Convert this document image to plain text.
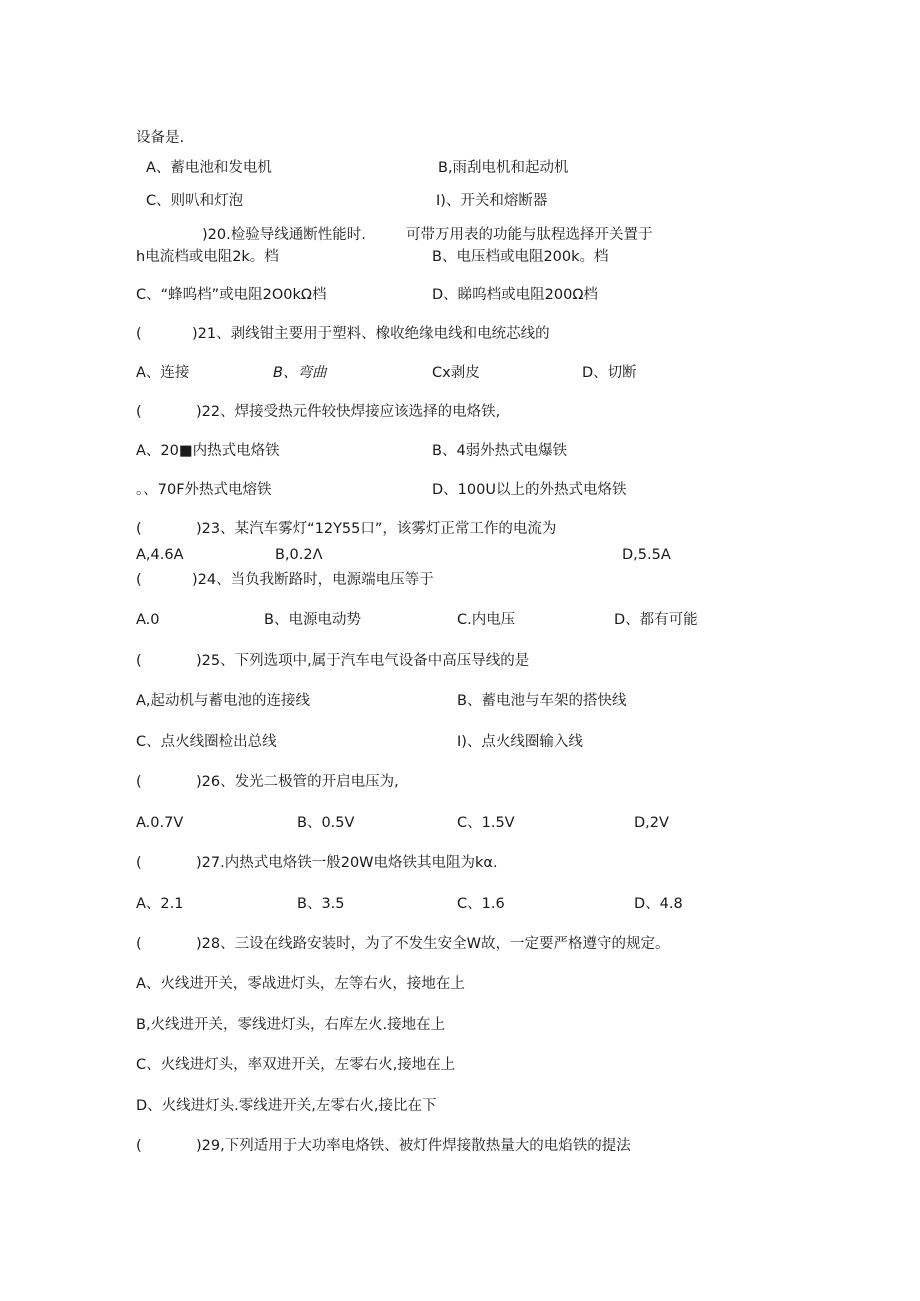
设备是.
A、蓄电池和发电机	B,雨刮电机和起动机
C、则叭和灯泡	I)、开关和熔断器
)20.检验导线通断性能时.	可带万用表的功能与肽程选择开关置于
h电流档或电阻2k。档	B、电压档或电阻200k。档
C、“蜂呜档”或电阻2O0kΩ档	D、睇呜档或电阻200Ω档
(	)21、剥线钳主要用于塑料、橡收绝缘电线和电统芯线的
A、连接	B、弯曲	Cx剥皮	D、切断
(	)22、焊接受热元件较快焊接应该选择的电烙铁,
A、20■内热式电烙铁	B、4弱外热式电爆铁
。、70F外热式电熔铁	D、100U以上的外热式电烙铁
(	)23、某汽车雾灯“12Y55口”，该雾灯正常工作的电流为
A,4.6A	B,0.2Λ	D,5.5A
(	)24、当负我断路时，电源端电压等于
A.0	B、电源电动势	C.内电压	D、都有可能
(	)25、下列选项中,属于汽车电气设备中高压导线的是
A,起动机与蓄电池的连接线	B、蓄电池与车架的搭快线
C、点火线圈检出总线	I)、点火线圈输入线
(	)26、发光二极管的开启电压为,
A.0.7V	B、0.5V	C、1.5V	D,2V
(	)27.内热式电烙铁一般20W电烙铁其电阻为kα.
A、2.1	B、3.5	C、1.6	D、4.8
(	)28、三设在线路安装时，为了不发生安全W故，一定要严格遵守的规定。
A、火线进开关，零战进灯头，左等右火，接地在上
B,火线进开关，零线进灯头，右库左火.接地在上
C、火线进灯头，率双进开关，左零右火,接地在上
D、火线进灯头.零线进开关,左零右火,接比在下
(	)29,下列适用于大功率电烙铁、被灯件焊接散热量大的电焰铁的提法
